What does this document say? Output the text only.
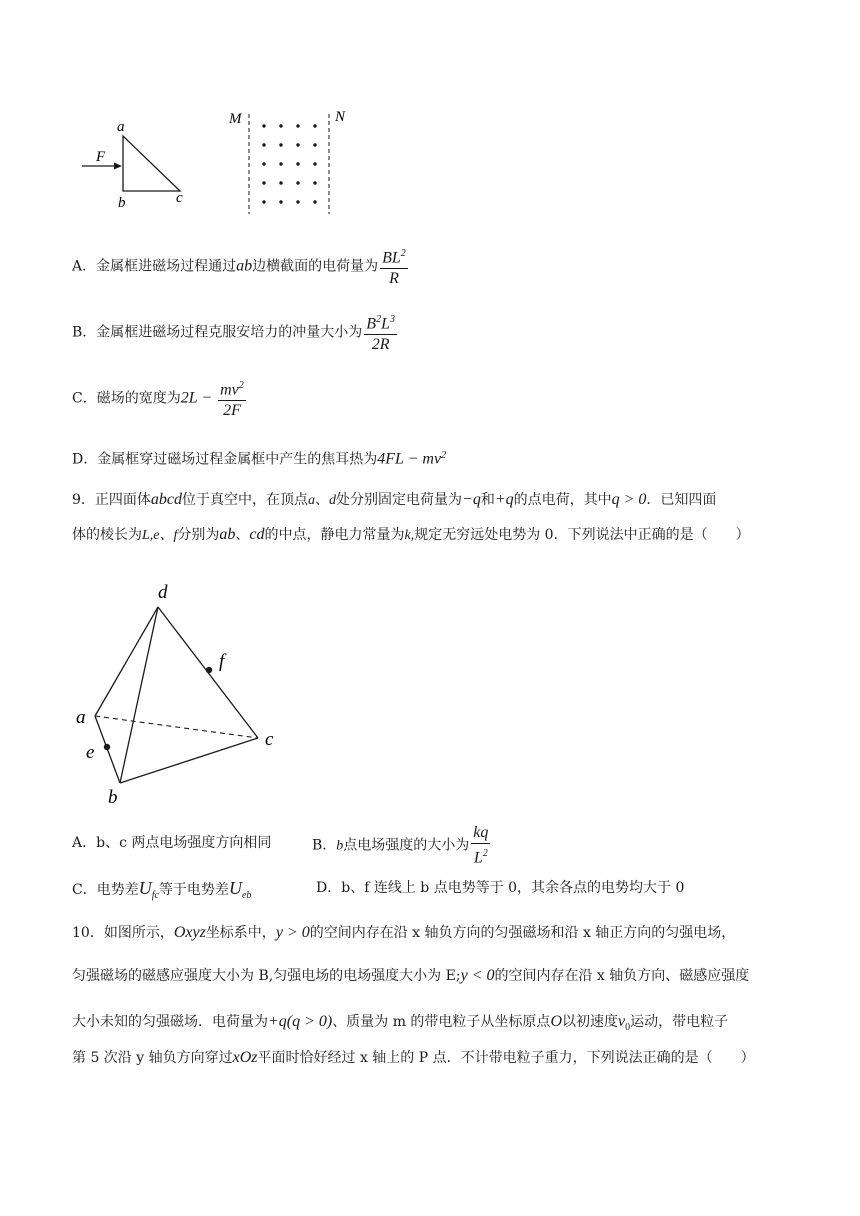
F
a
b	c
M	N
A．金属框进磁场过程通过ab边横截面的电荷量为 $\frac{BL^2}{R}$
B．金属框进磁场过程克服安培力的冲量大小为 $\frac{B^2L^3}{2R}$
C．磁场的宽度为$2L - \frac{mv^2}{2F}$
D．金属框穿过磁场过程金属框中产生的焦耳热为$4FL - mv^2$
9．正四面体abcd位于真空中，在顶点a、d处分别固定电荷量为−q和+q的点电荷，其中q > 0．已知四面
体的棱长为L,e、f分别为ab、cd的中点，静电力常量为k,规定无穷远处电势为 0．下列说法中正确的是（　　）
d
a
e
b
c
f
A．b、c 两点电场强度方向相同	B．b点电场强度的大小为 $\frac{kq}{L^2}$
C．电势差$U_{fc}$等于电势差$U_{eb}$	D．b、f 连线上 b 点电势等于 0，其余各点的电势均大于 0
10．如图所示，Oxyz坐标系中，y > 0的空间内存在沿 x 轴负方向的匀强磁场和沿 x 轴正方向的匀强电场，
匀强磁场的磁感应强度大小为 B,匀强电场的电场强度大小为 E;y < 0的空间内存在沿 x 轴负方向、磁感应强度
大小未知的匀强磁场．电荷量为+q(q > 0)、质量为 m 的带电粒子从坐标原点O以初速度$v_0$运动，带电粒子
第 5 次沿 y 轴负方向穿过xOz平面时恰好经过 x 轴上的 P 点．不计带电粒子重力，下列说法正确的是（　　）
